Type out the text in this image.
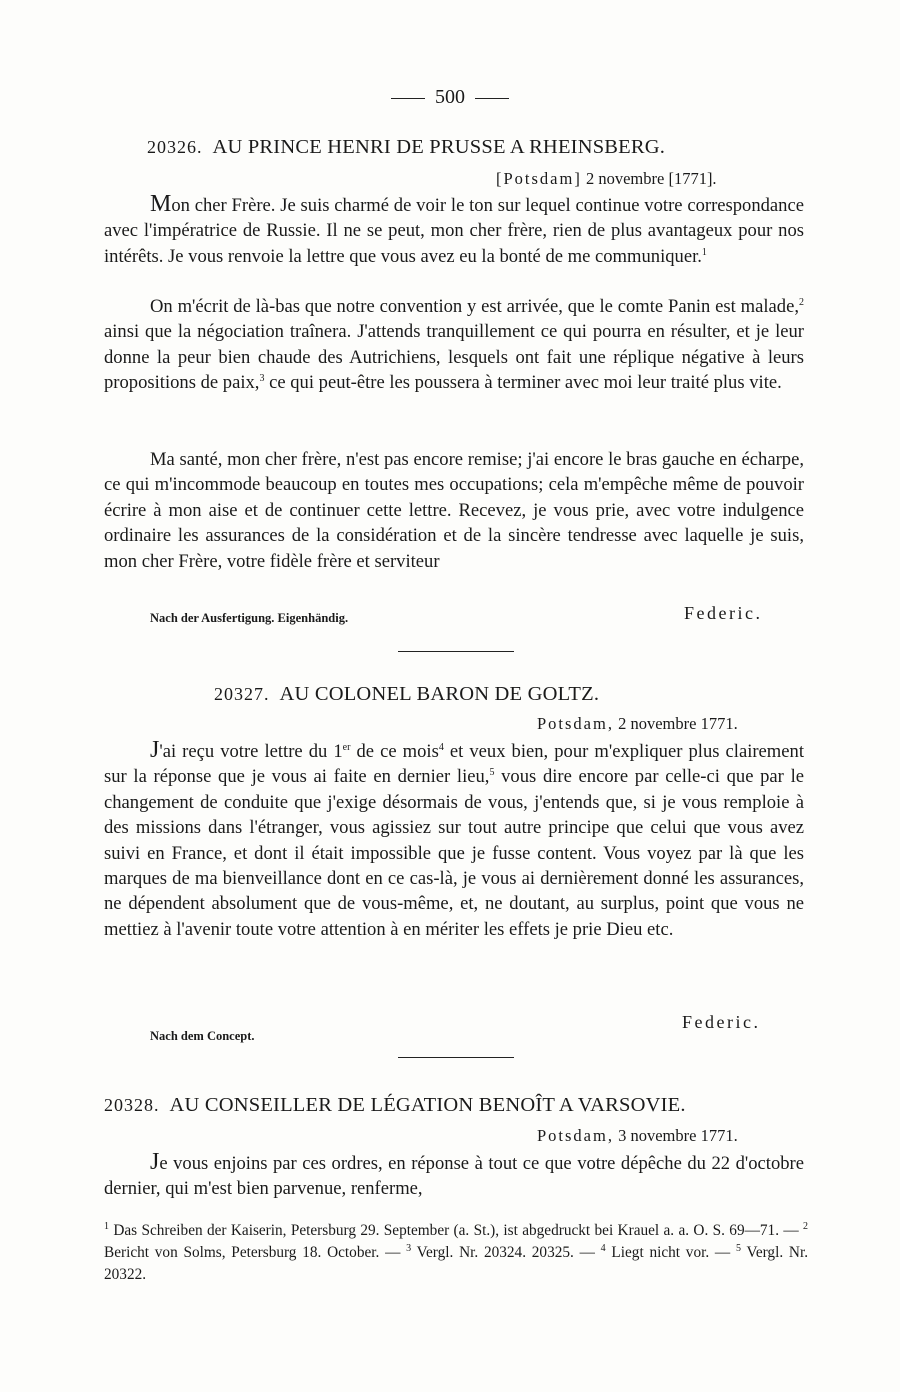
500
20326. AU PRINCE HENRI DE PRUSSE A RHEINSBERG.
[Potsdam] 2 novembre [1771].

Mon cher Frère. Je suis charmé de voir le ton sur lequel continue votre correspondance avec l'impératrice de Russie. Il ne se peut, mon cher frère, rien de plus avantageux pour nos intérêts. Je vous renvoie la lettre que vous avez eu la bonté de me communiquer.$^1$

On m'écrit de là-bas que notre convention y est arrivée, que le comte Panin est malade,$^2$ ainsi que la négociation traînera. J'attends tranquillement ce qui pourra en résulter, et je leur donne la peur bien chaude des Autrichiens, lesquels ont fait une réplique négative à leurs propositions de paix,$^3$ ce qui peut-être les poussera à terminer avec moi leur traité plus vite.

Ma santé, mon cher frère, n'est pas encore remise; j'ai encore le bras gauche en écharpe, ce qui m'incommode beaucoup en toutes mes occupations; cela m'empêche même de pouvoir écrire à mon aise et de continuer cette lettre. Recevez, je vous prie, avec votre indulgence ordinaire les assurances de la considération et de la sincère tendresse avec laquelle je suis, mon cher Frère, votre fidèle frère et serviteur

Nach der Ausfertigung. Eigenhändig.	Federic.
20327. AU COLONEL BARON DE GOLTZ.
Potsdam, 2 novembre 1771.

J'ai reçu votre lettre du 1er de ce mois$^4$ et veux bien, pour m'expliquer plus clairement sur la réponse que je vous ai faite en dernier lieu,$^5$ vous dire encore par celle-ci que par le changement de conduite que j'exige désormais de vous, j'entends que, si je vous remploie à des missions dans l'étranger, vous agissiez sur tout autre principe que celui que vous avez suivi en France, et dont il était impossible que je fusse content. Vous voyez par là que les marques de ma bienveillance dont en ce cas-là, je vous ai dernièrement donné les assurances, ne dépendent absolument que de vous-même, et, ne doutant, au surplus, point que vous ne mettiez à l'avenir toute votre attention à en mériter les effets je prie Dieu etc.

Nach dem Concept.
Federic.
20328. AU CONSEILLER DE LÉGATION BENOÎT A VARSOVIE.
Potsdam, 3 novembre 1771.

Je vous enjoins par ces ordres, en réponse à tout ce que votre dépêche du 22 d'octobre dernier, qui m'est bien parvenue, renferme,

$^1$ Das Schreiben der Kaiserin, Petersburg 29. September (a. St.), ist abgedruckt bei Krauel a. a. O. S. 69—71. — $^2$ Bericht von Solms, Petersburg 18. October. — $^3$ Vergl. Nr. 20324. 20325. — $^4$ Liegt nicht vor. — $^5$ Vergl. Nr. 20322.
